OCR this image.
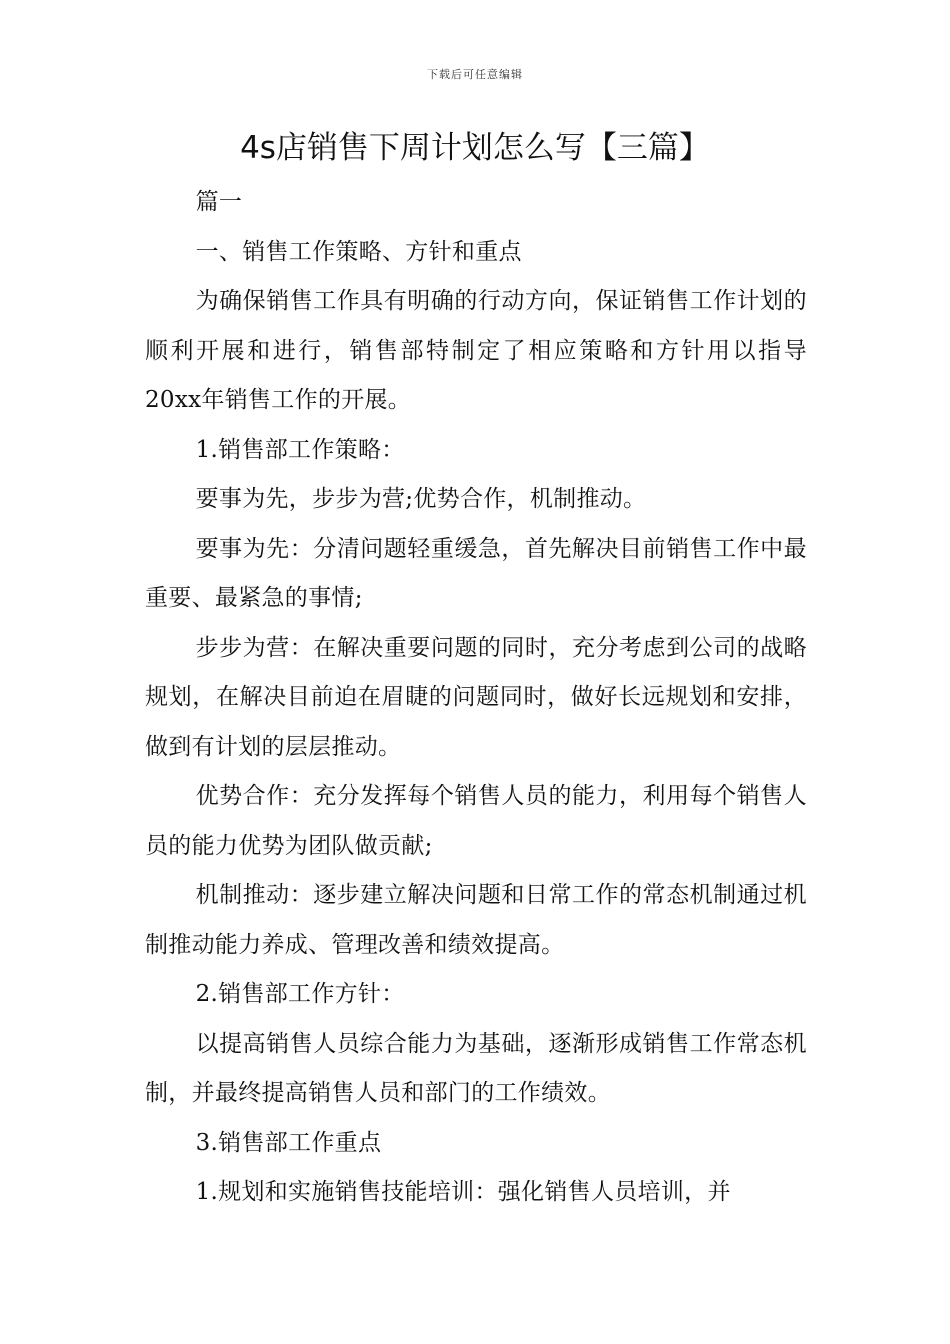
下载后可任意编辑
4s店销售下周计划怎么写【三篇】

篇一

一、销售工作策略、方针和重点

为确保销售工作具有明确的行动方向，保证销售工作计划的顺利开展和进行，销售部特制定了相应策略和方针用以指导20xx年销售工作的开展。

1.销售部工作策略：

要事为先，步步为营;优势合作，机制推动。

要事为先：分清问题轻重缓急，首先解决目前销售工作中最重要、最紧急的事情;

步步为营：在解决重要问题的同时，充分考虑到公司的战略规划，在解决目前迫在眉睫的问题同时，做好长远规划和安排，做到有计划的层层推动。

优势合作：充分发挥每个销售人员的能力，利用每个销售人员的能力优势为团队做贡献;

机制推动：逐步建立解决问题和日常工作的常态机制通过机制推动能力养成、管理改善和绩效提高。

2.销售部工作方针：

以提高销售人员综合能力为基础，逐渐形成销售工作常态机制，并最终提高销售人员和部门的工作绩效。

3.销售部工作重点

1.规划和实施销售技能培训：强化销售人员培训，并
